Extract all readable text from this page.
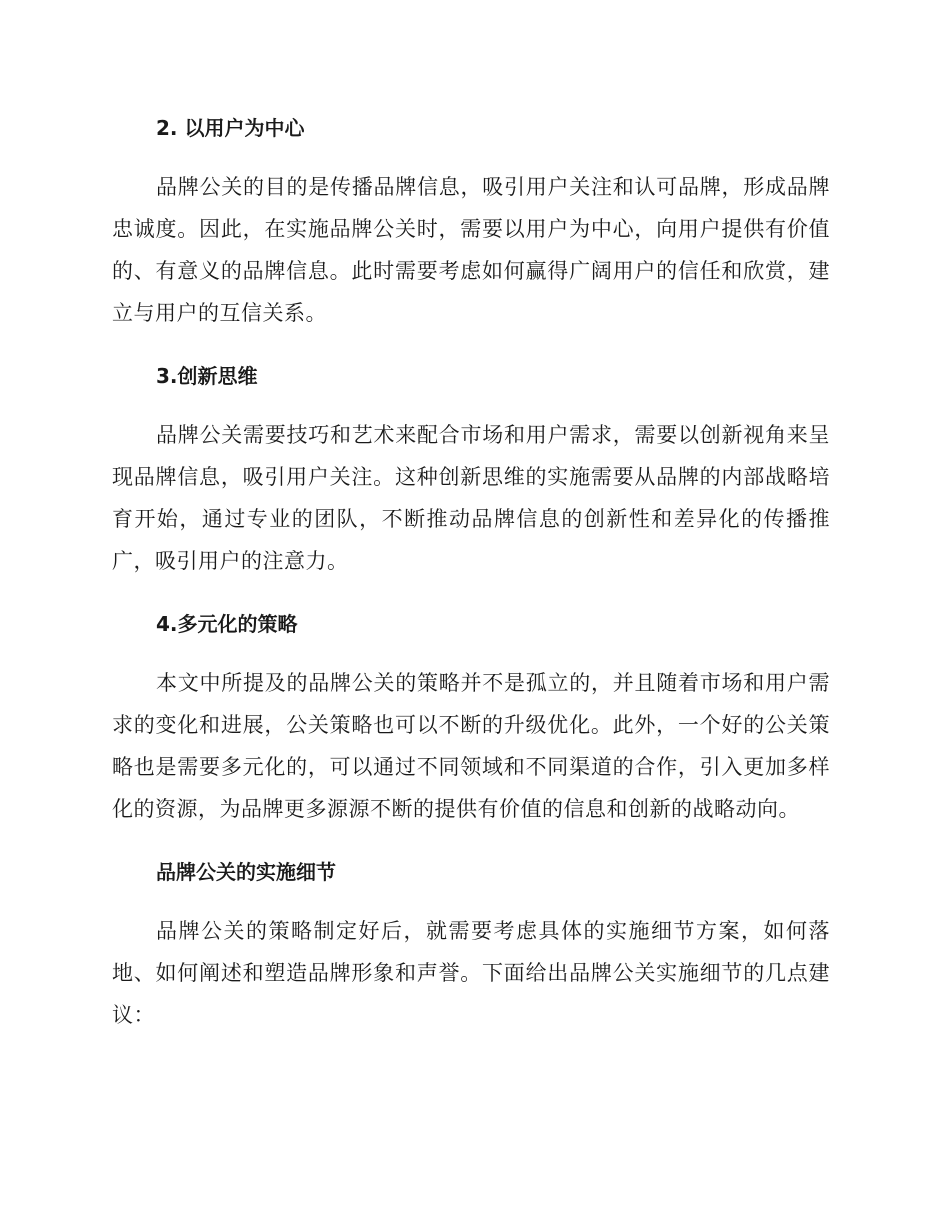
2. 以用户为中心

品牌公关的目的是传播品牌信息，吸引用户关注和认可品牌，形成品牌忠诚度。因此，在实施品牌公关时，需要以用户为中心，向用户提供有价值的、有意义的品牌信息。此时需要考虑如何赢得广阔用户的信任和欣赏，建立与用户的互信关系。

3.创新思维

品牌公关需要技巧和艺术来配合市场和用户需求，需要以创新视角来呈现品牌信息，吸引用户关注。这种创新思维的实施需要从品牌的内部战略培育开始，通过专业的团队，不断推动品牌信息的创新性和差异化的传播推广，吸引用户的注意力。

4.多元化的策略

本文中所提及的品牌公关的策略并不是孤立的，并且随着市场和用户需求的变化和进展，公关策略也可以不断的升级优化。此外，一个好的公关策略也是需要多元化的，可以通过不同领域和不同渠道的合作，引入更加多样化的资源，为品牌更多源源不断的提供有价值的信息和创新的战略动向。

品牌公关的实施细节

品牌公关的策略制定好后，就需要考虑具体的实施细节方案，如何落地、如何阐述和塑造品牌形象和声誉。下面给出品牌公关实施细节的几点建议：
